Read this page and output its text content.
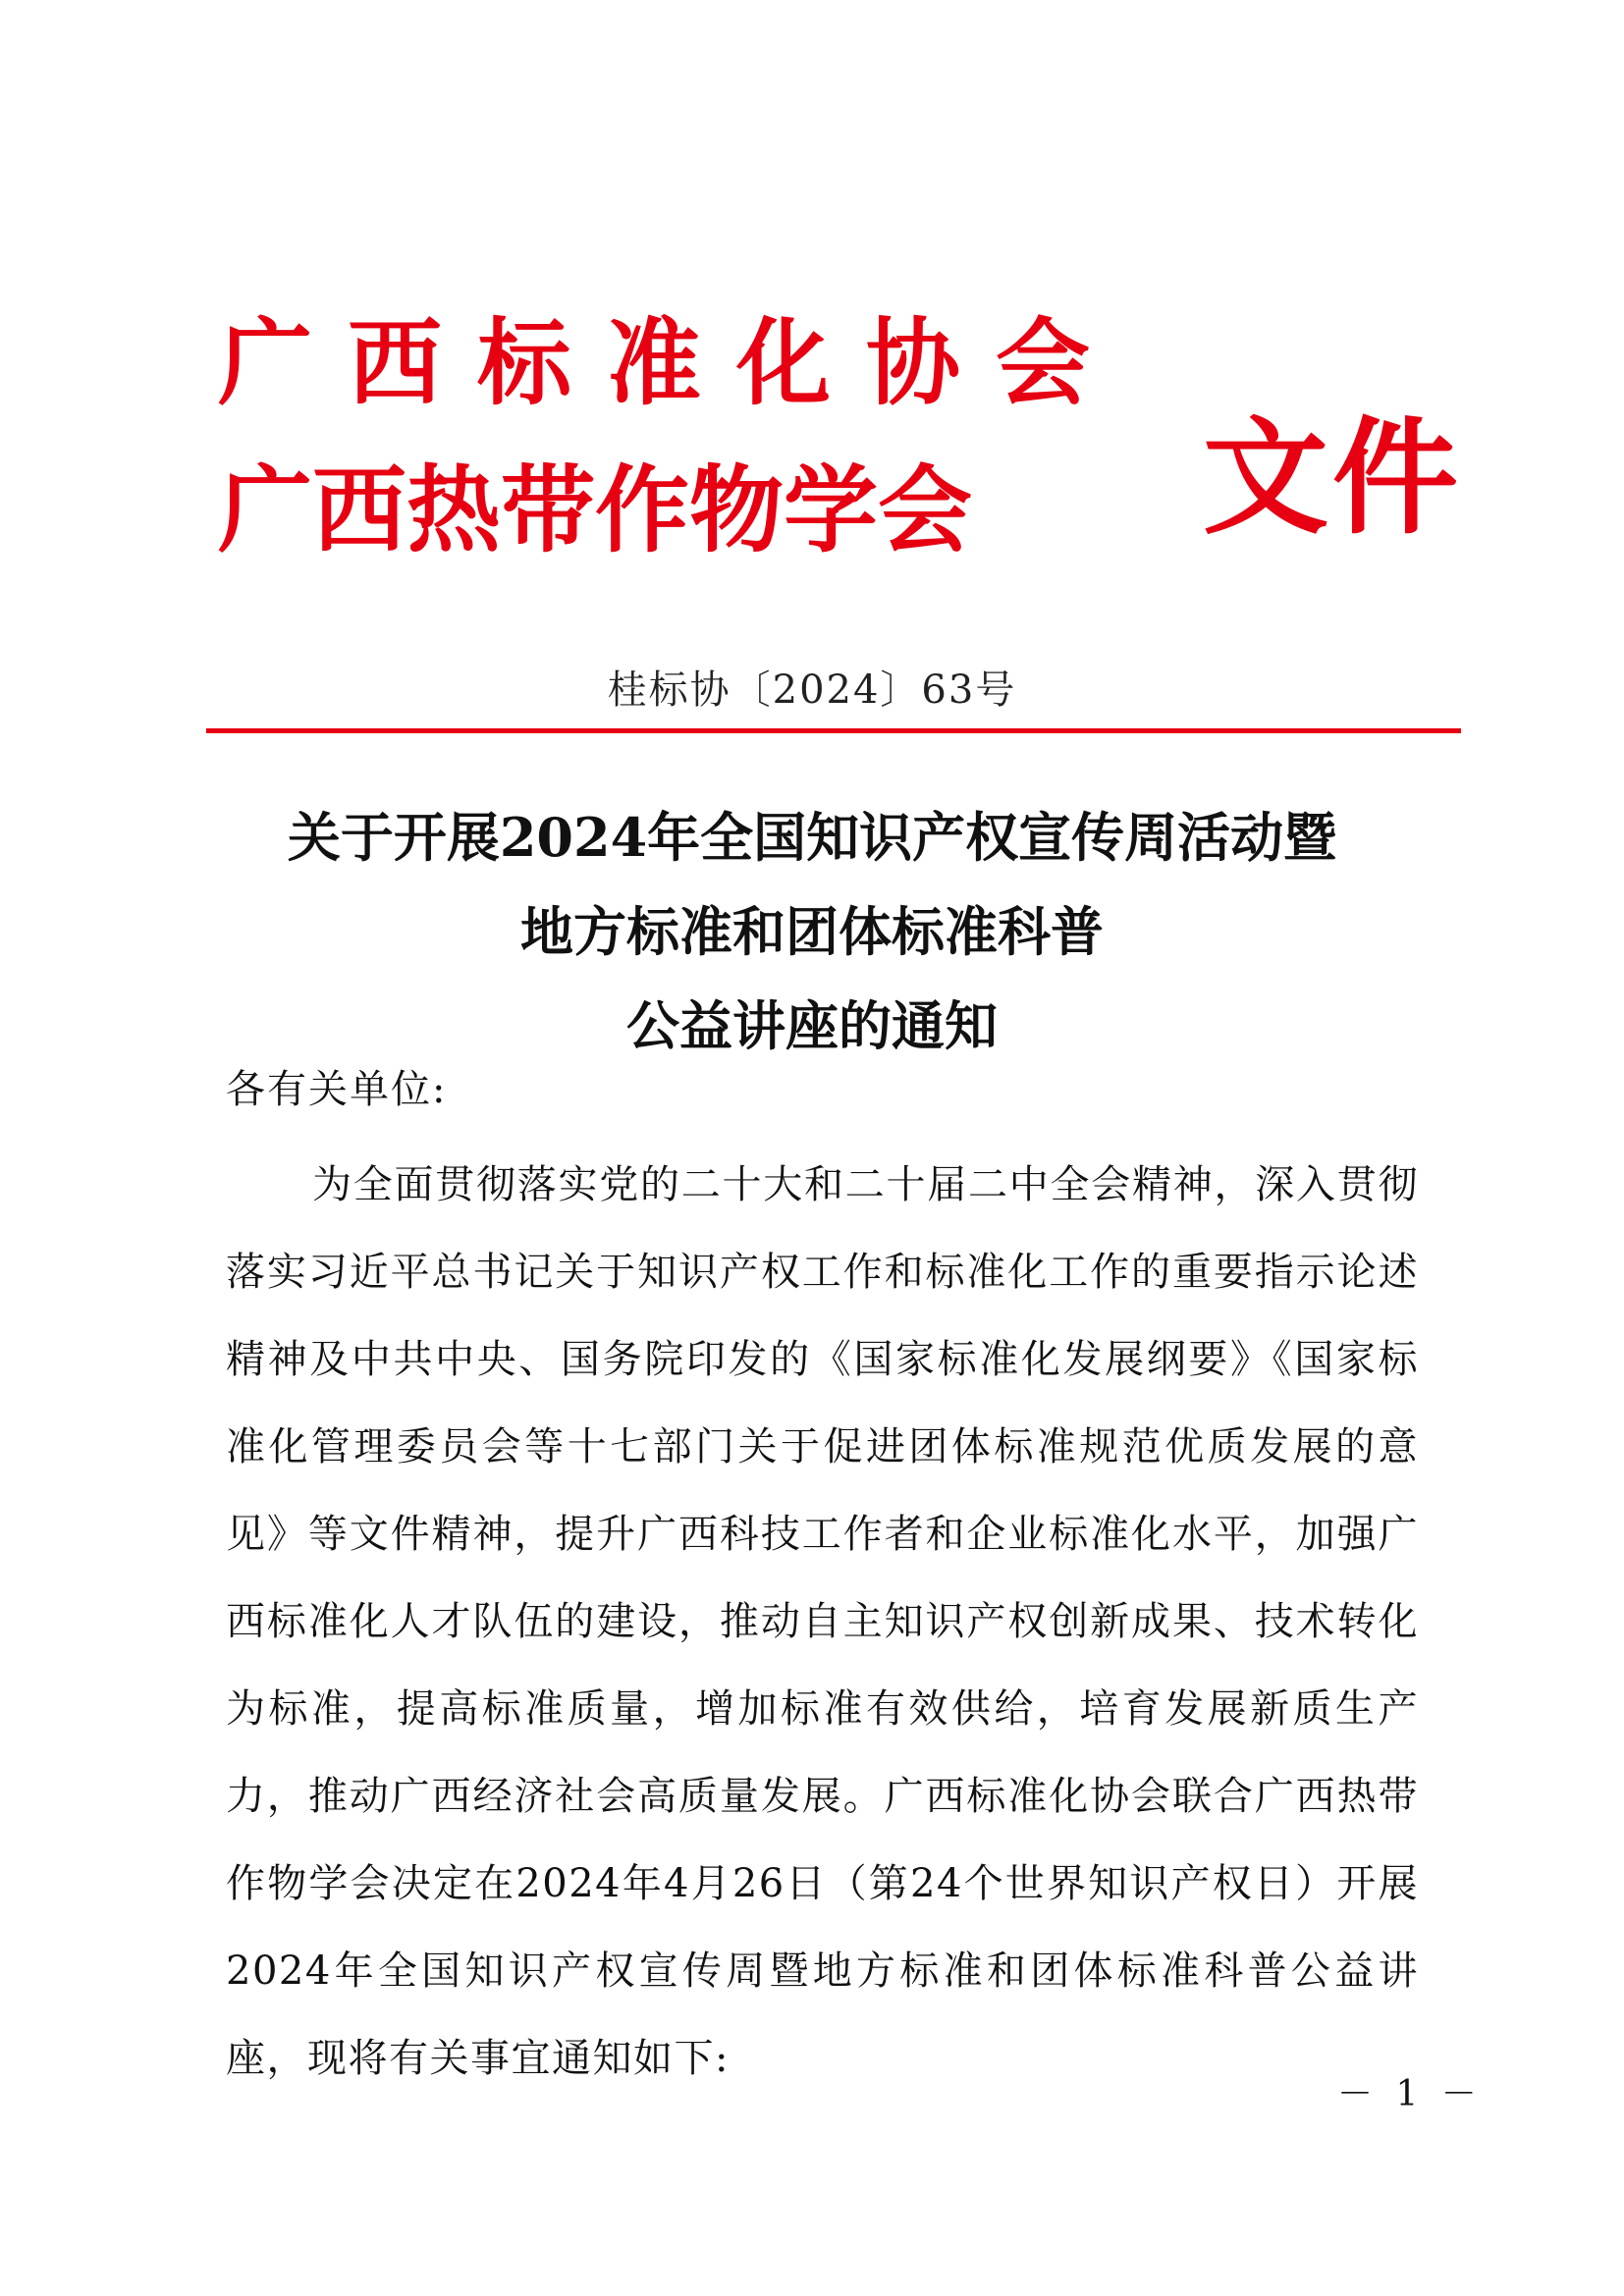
广西标准化协会
广西热带作物学会	文件
桂标协〔2024〕63号
关于开展2024年全国知识产权宣传周活动暨
地方标准和团体标准科普
公益讲座的通知
各有关单位:
为全面贯彻落实党的二十大和二十届二中全会精神，深入贯彻落实习近平总书记关于知识产权工作和标准化工作的重要指示论述精神及中共中央、国务院印发的《国家标准化发展纲要》《国家标准化管理委员会等十七部门关于促进团体标准规范优质发展的意见》等文件精神，提升广西科技工作者和企业标准化水平，加强广西标准化人才队伍的建设，推动自主知识产权创新成果、技术转化为标准，提高标准质量，增加标准有效供给，培育发展新质生产力，推动广西经济社会高质量发展。广西标准化协会联合广西热带作物学会决定在2024年4月26日（第24个世界知识产权日）开展2024年全国知识产权宣传周暨地方标准和团体标准科普公益讲座，现将有关事宜通知如下:
－ 1 －
